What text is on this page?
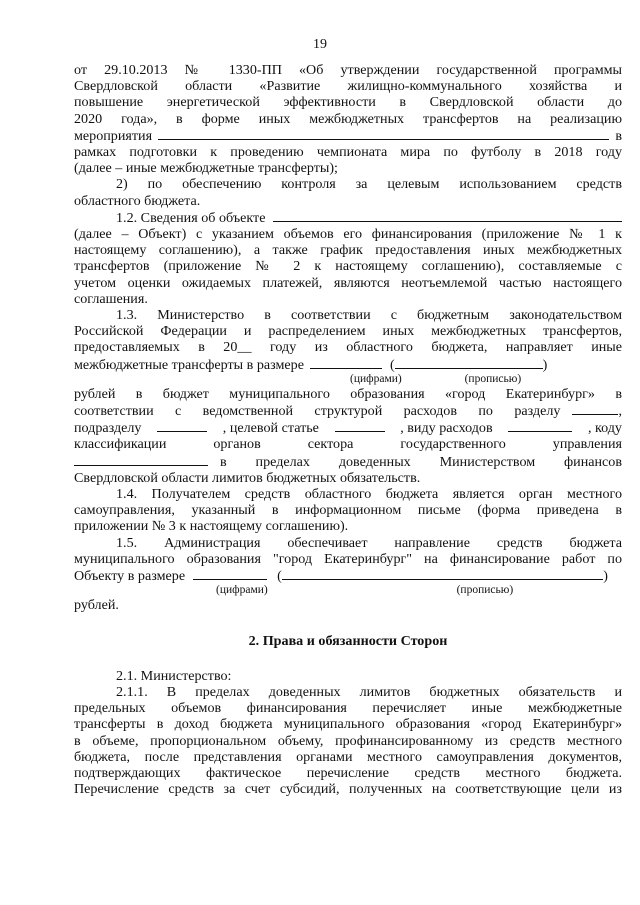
19
от 29.10.2013 № 1330-ПП «Об утверждении государственной программы
Свердловской области «Развитие жилищно-коммунального хозяйства и
повышение энергетической эффективности в Свердловской области до
2020 года», в форме иных межбюджетных трансфертов на реализацию
мероприятия	в
рамках подготовки к проведению чемпионата мира по футболу в 2018 году
(далее – иные межбюджетные трансферты);
2) по обеспечению контроля за целевым использованием средств
областного бюджета.
1.2. Сведения об объекте
(далее – Объект) с указанием объемов его финансирования (приложение № 1 к
настоящему соглашению), а также график предоставления иных межбюджетных
трансфертов (приложение № 2 к настоящему соглашению), составляемые с
учетом оценки ожидаемых платежей, являются неотъемлемой частью настоящего
соглашения.
1.3. Министерство в соответствии с бюджетным законодательством
Российской Федерации и распределением иных межбюджетных трансфертов,
предоставляемых в 20__ году из областного бюджета, направляет иные
межбюджетные трансферты в размере	(	)
(цифрами)	(прописью)
рублей в бюджет муниципального образования «город Екатеринбург» в
соответствии с ведомственной структурой расходов по разделу	,
подразделу	, целевой статье	, виду расходов	, коду
классификации органов сектора государственного управления
в пределах доведенных Министерством финансов
Свердловской области лимитов бюджетных обязательств.
1.4. Получателем средств областного бюджета является орган местного
самоуправления, указанный в информационном письме (форма приведена в
приложении № 3 к настоящему соглашению).
1.5. Администрация обеспечивает направление средств бюджета
муниципального образования "город Екатеринбург" на финансирование работ по
Объекту в размере	(	)
(цифрами)	(прописью)
рублей.
2. Права и обязанности Сторон
2.1. Министерство:
2.1.1. В пределах доведенных лимитов бюджетных обязательств и
предельных объемов финансирования перечисляет иные межбюджетные
трансферты в доход бюджета муниципального образования «город Екатеринбург»
в объеме, пропорциональном объему, профинансированному из средств местного
бюджета, после представления органами местного самоуправления документов,
подтверждающих фактическое перечисление средств местного бюджета.
Перечисление средств за счет субсидий, полученных на соответствующие цели из
